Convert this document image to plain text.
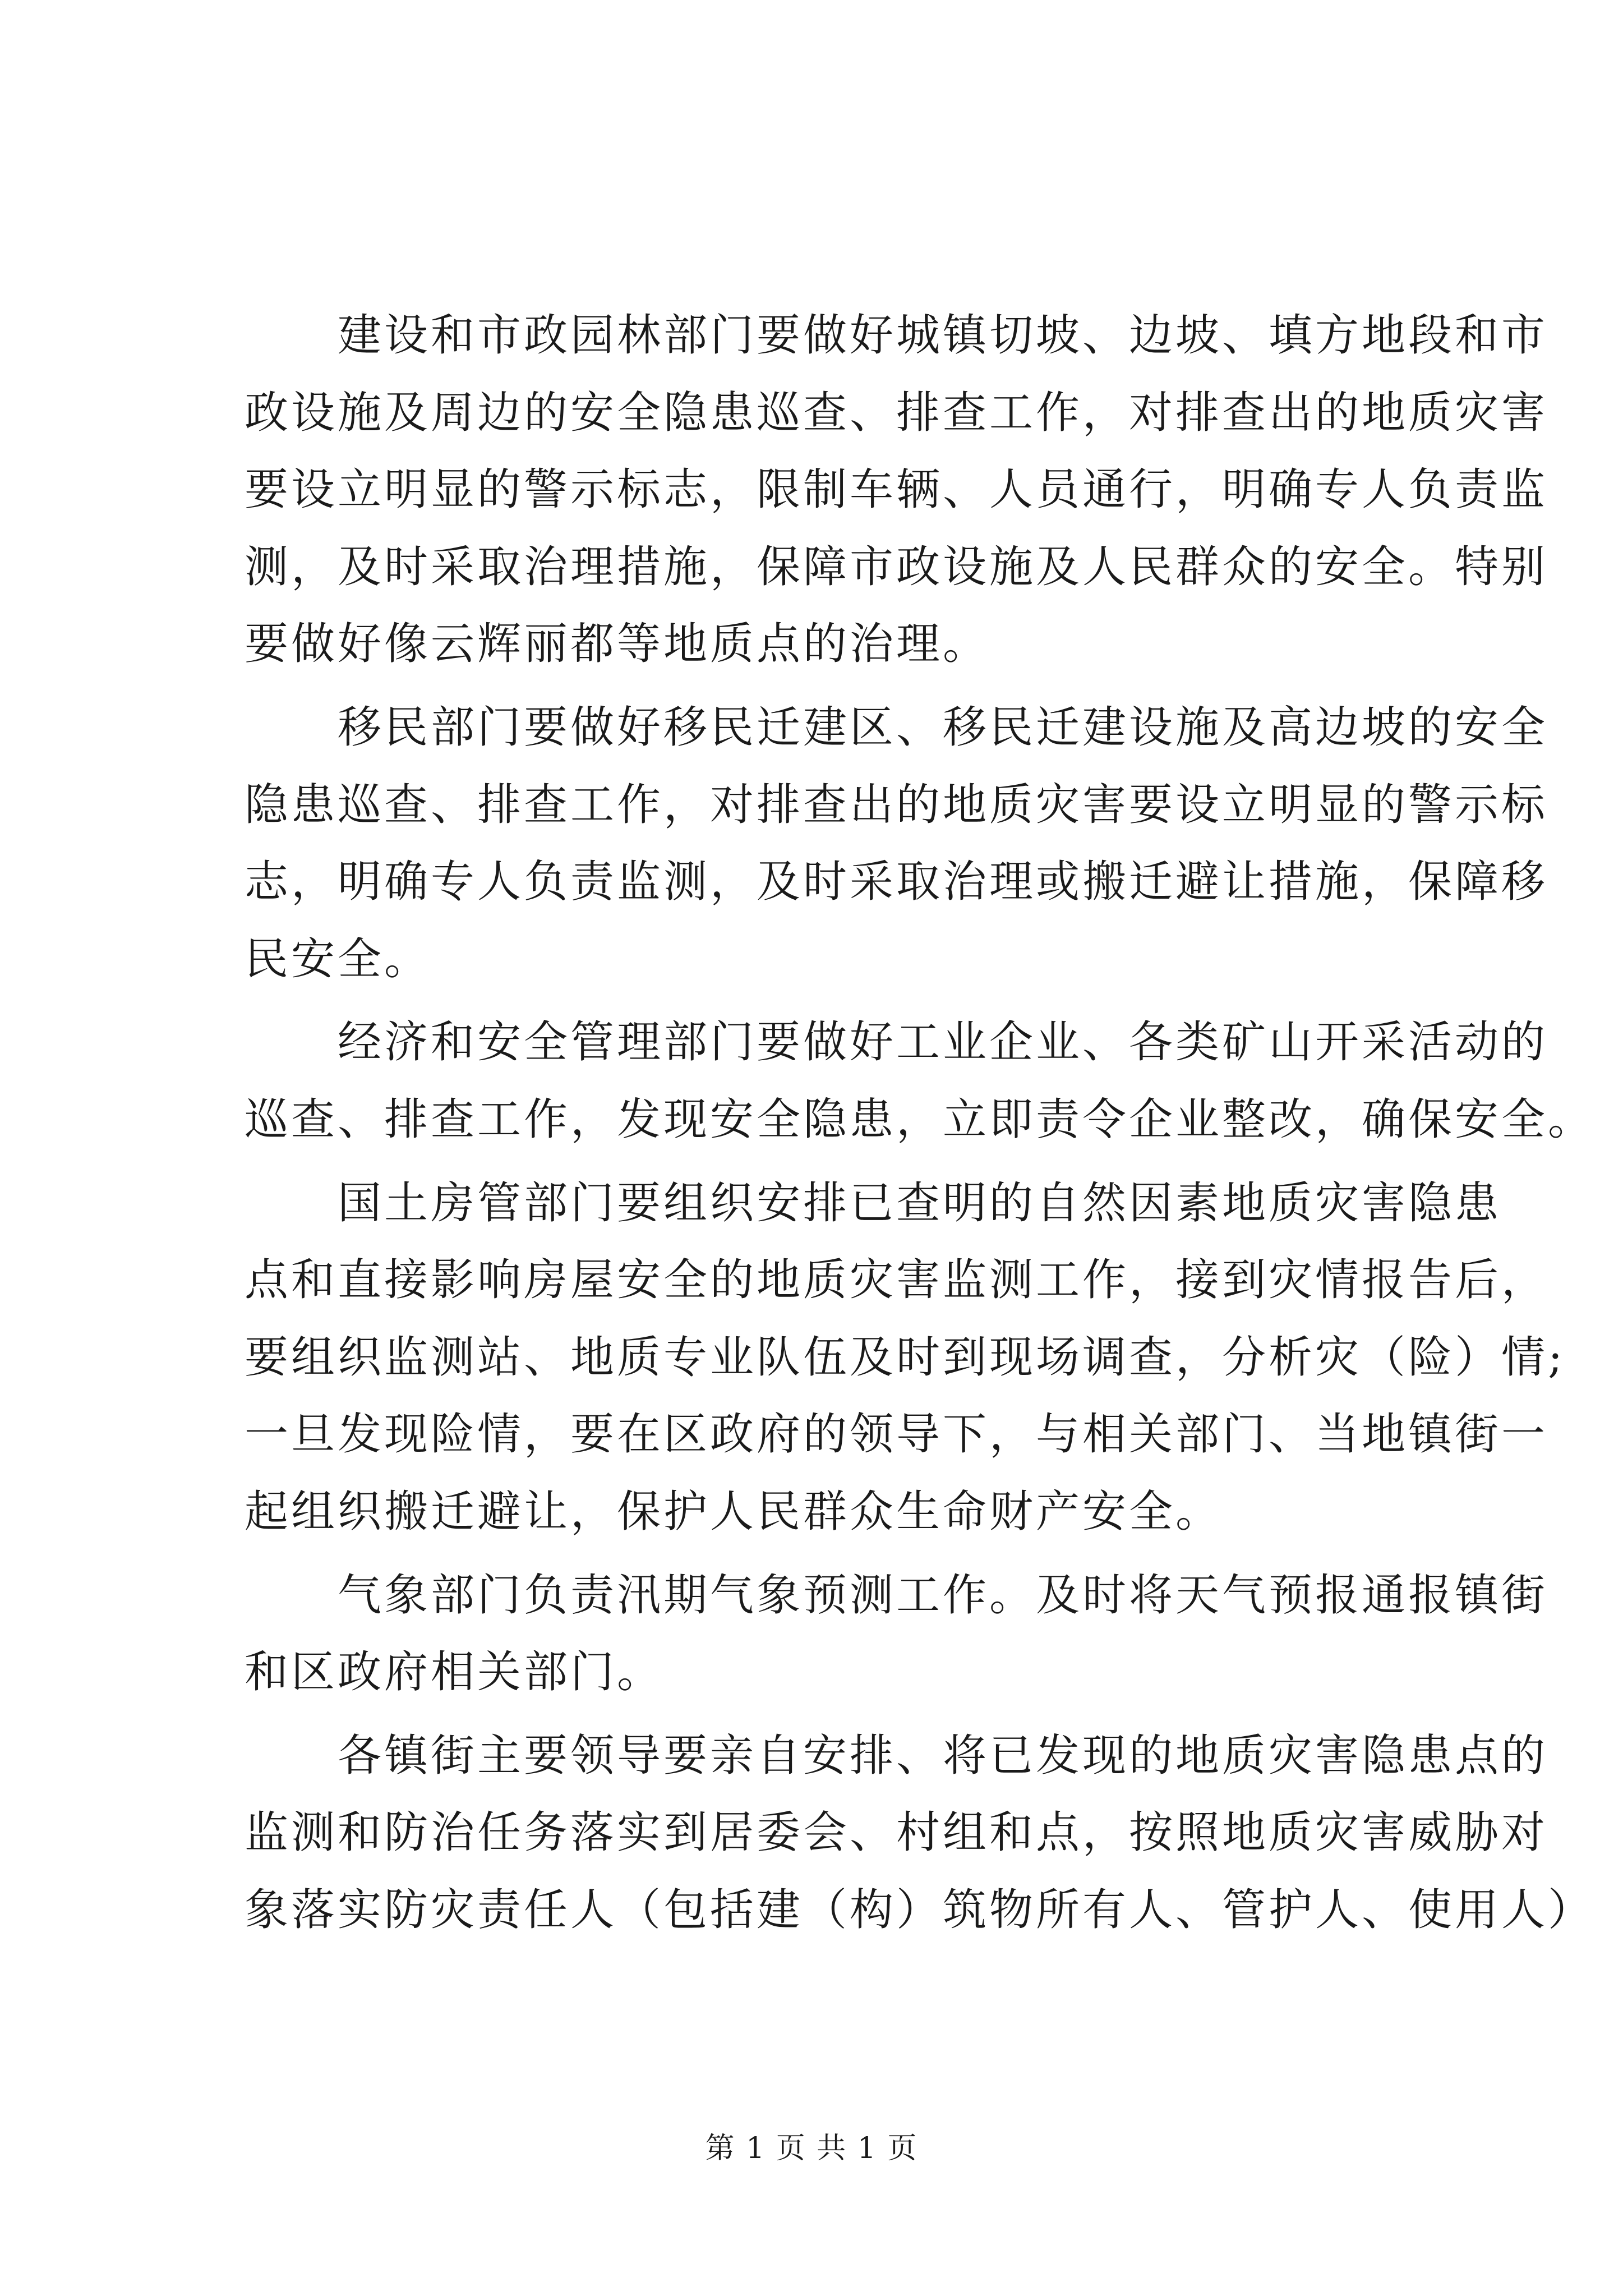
建设和市政园林部门要做好城镇切坡、边坡、填方地段和市
政设施及周边的安全隐患巡查、排查工作，对排查出的地质灾害
要设立明显的警示标志，限制车辆、人员通行，明确专人负责监
测，及时采取治理措施，保障市政设施及人民群众的安全。特别
要做好像云辉丽都等地质点的治理。
移民部门要做好移民迁建区、移民迁建设施及高边坡的安全
隐患巡查、排查工作，对排查出的地质灾害要设立明显的警示标
志，明确专人负责监测，及时采取治理或搬迁避让措施，保障移
民安全。
经济和安全管理部门要做好工业企业、各类矿山开采活动的
巡查、排查工作，发现安全隐患，立即责令企业整改，确保安全。
国土房管部门要组织安排已查明的自然因素地质灾害隐患
点和直接影响房屋安全的地质灾害监测工作，接到灾情报告后，
要组织监测站、地质专业队伍及时到现场调查，分析灾（险）情;
一旦发现险情，要在区政府的领导下，与相关部门、当地镇街一
起组织搬迁避让，保护人民群众生命财产安全。
气象部门负责汛期气象预测工作。及时将天气预报通报镇街
和区政府相关部门。
各镇街主要领导要亲自安排、将已发现的地质灾害隐患点的
监测和防治任务落实到居委会、村组和点，按照地质灾害威胁对
象落实防灾责任人（包括建（构）筑物所有人、管护人、使用人）
第 1 页 共 1 页
